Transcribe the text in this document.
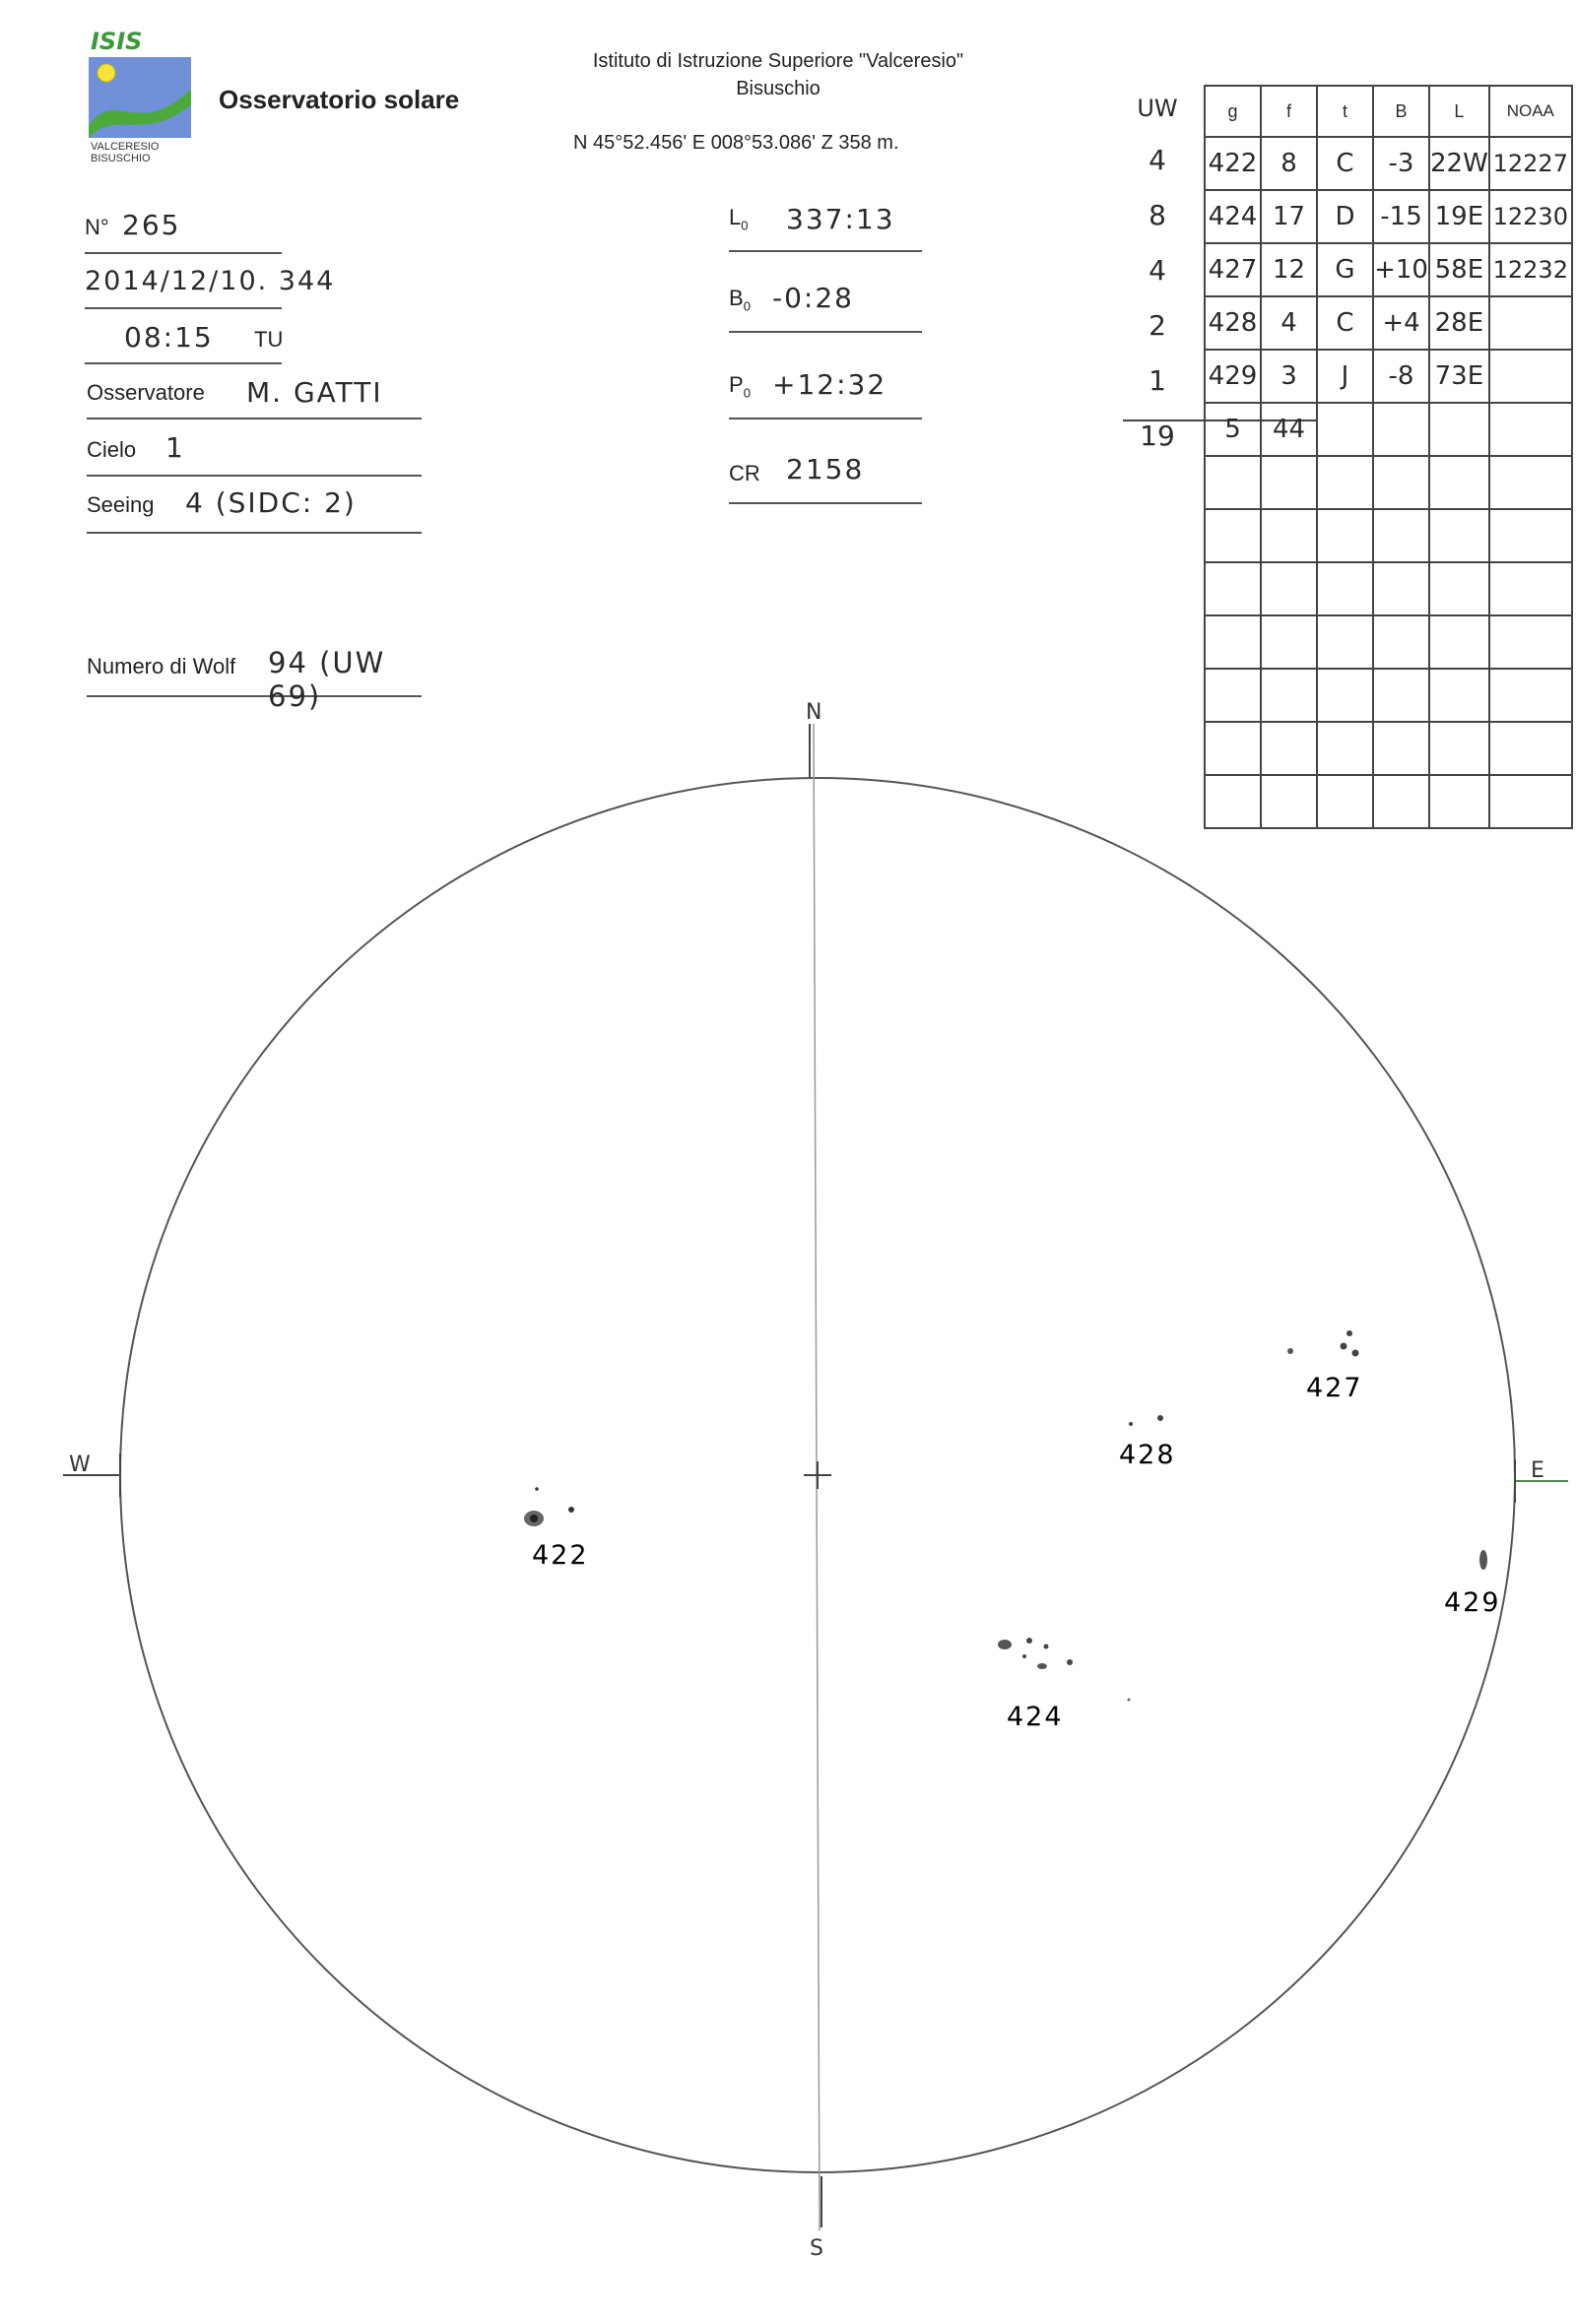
ISIS
VALCERESIO
BISUSCHIO
Osservatorio solare
Istituto di Istruzione Superiore "Valceresio"
Bisuschio
N 45°52.456' E 008°53.086' Z 358 m.
N° 265
2014/12/10. 344
08:15 TU
Osservatore M. GATTI
Cielo 1
Seeing 4 (SIDC: 2)
Numero di Wolf 94 (UW 69)
$L_0$ 337:13
$B_0$ -0:28
$P_0$ +12:32
CR 2158
UW
4
8
4
2
1
19
g	f	t	B	L	NOAA
422	8	C	-3	22W	12227
424	17	D	-15	19E	12230
427	12	G	+10	58E	12232
428	4	C	+4	28E	
429	3	J	-8	73E	
5	44				

N
S
W	E
422
424
427
428
429
